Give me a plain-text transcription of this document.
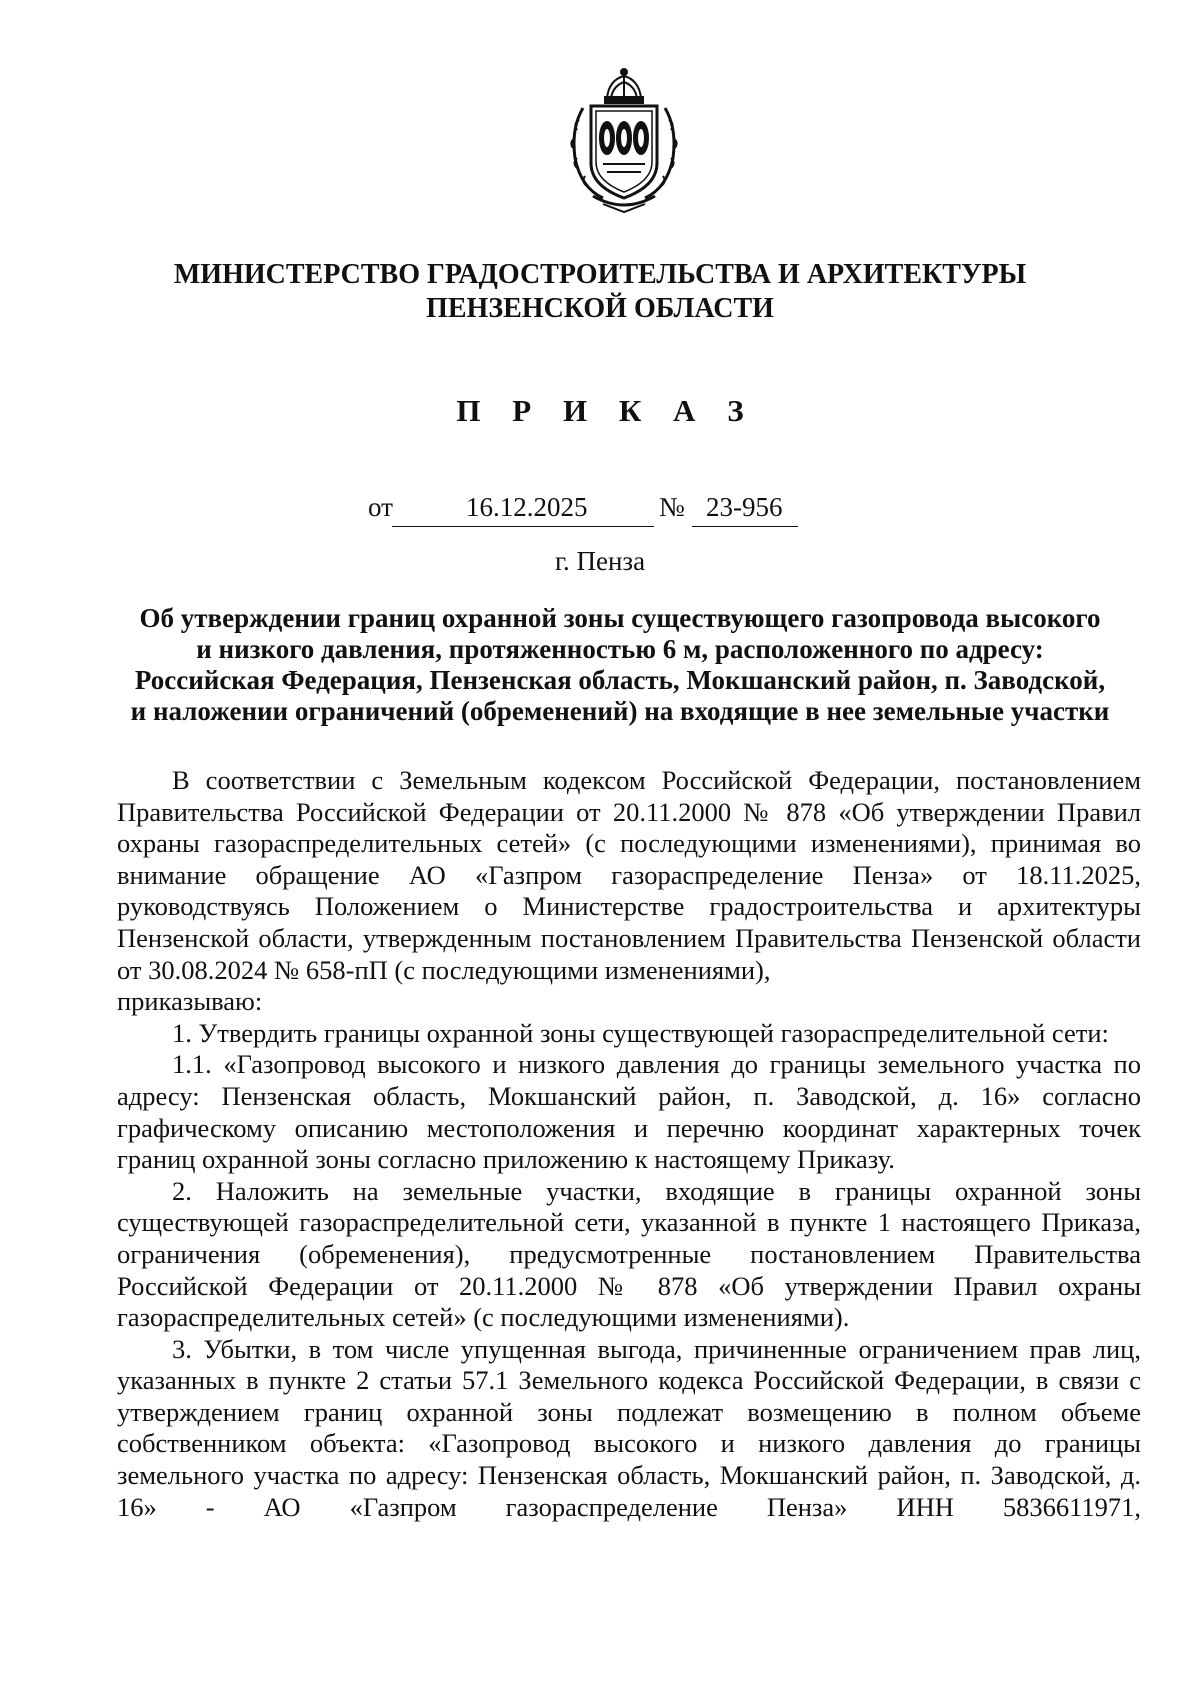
МИНИСТЕРСТВО ГРАДОСТРОИТЕЛЬСТВА И АРХИТЕКТУРЫ
ПЕНЗЕНСКОЙ ОБЛАСТИ
П Р И К А З
от	16.12.2025	№ 23-956
г. Пенза
Об утверждении границ охранной зоны существующего газопровода высокого
и низкого давления, протяженностью 6 м, расположенного по адресу:
Российская Федерация, Пензенская область, Мокшанский район, п. Заводской,
и наложении ограничений (обременений) на входящие в нее земельные участки

В соответствии с Земельным кодексом Российской Федерации, постановлением Правительства Российской Федерации от 20.11.2000 № 878 «Об утверждении Правил охраны газораспределительных сетей» (с последующими изменениями), принимая во внимание обращение АО «Газпром газораспределение Пенза» от 18.11.2025, руководствуясь Положением о Министерстве градостроительства и архитектуры Пензенской области, утвержденным постановлением Правительства Пензенской области от 30.08.2024 № 658-пП (с последующими изменениями),

приказываю:

1. Утвердить границы охранной зоны существующей газораспределительной сети:

1.1. «Газопровод высокого и низкого давления до границы земельного участка по адресу: Пензенская область, Мокшанский район, п. Заводской, д. 16» согласно графическому описанию местоположения и перечню координат характерных точек границ охранной зоны согласно приложению к настоящему Приказу.

2. Наложить на земельные участки, входящие в границы охранной зоны существующей газораспределительной сети, указанной в пункте 1 настоящего Приказа, ограничения (обременения), предусмотренные постановлением Правительства Российской Федерации от 20.11.2000 № 878 «Об утверждении Правил охраны газораспределительных сетей» (с последующими изменениями).

3. Убытки, в том числе упущенная выгода, причиненные ограничением прав лиц, указанных в пункте 2 статьи 57.1 Земельного кодекса Российской Федерации, в связи с утверждением границ охранной зоны подлежат возмещению в полном объеме собственником объекта: «Газопровод высокого и низкого давления до границы земельного участка по адресу: Пензенская область, Мокшанский район, п. Заводской, д. 16» - АО «Газпром газораспределение Пенза» ИНН 5836611971,
